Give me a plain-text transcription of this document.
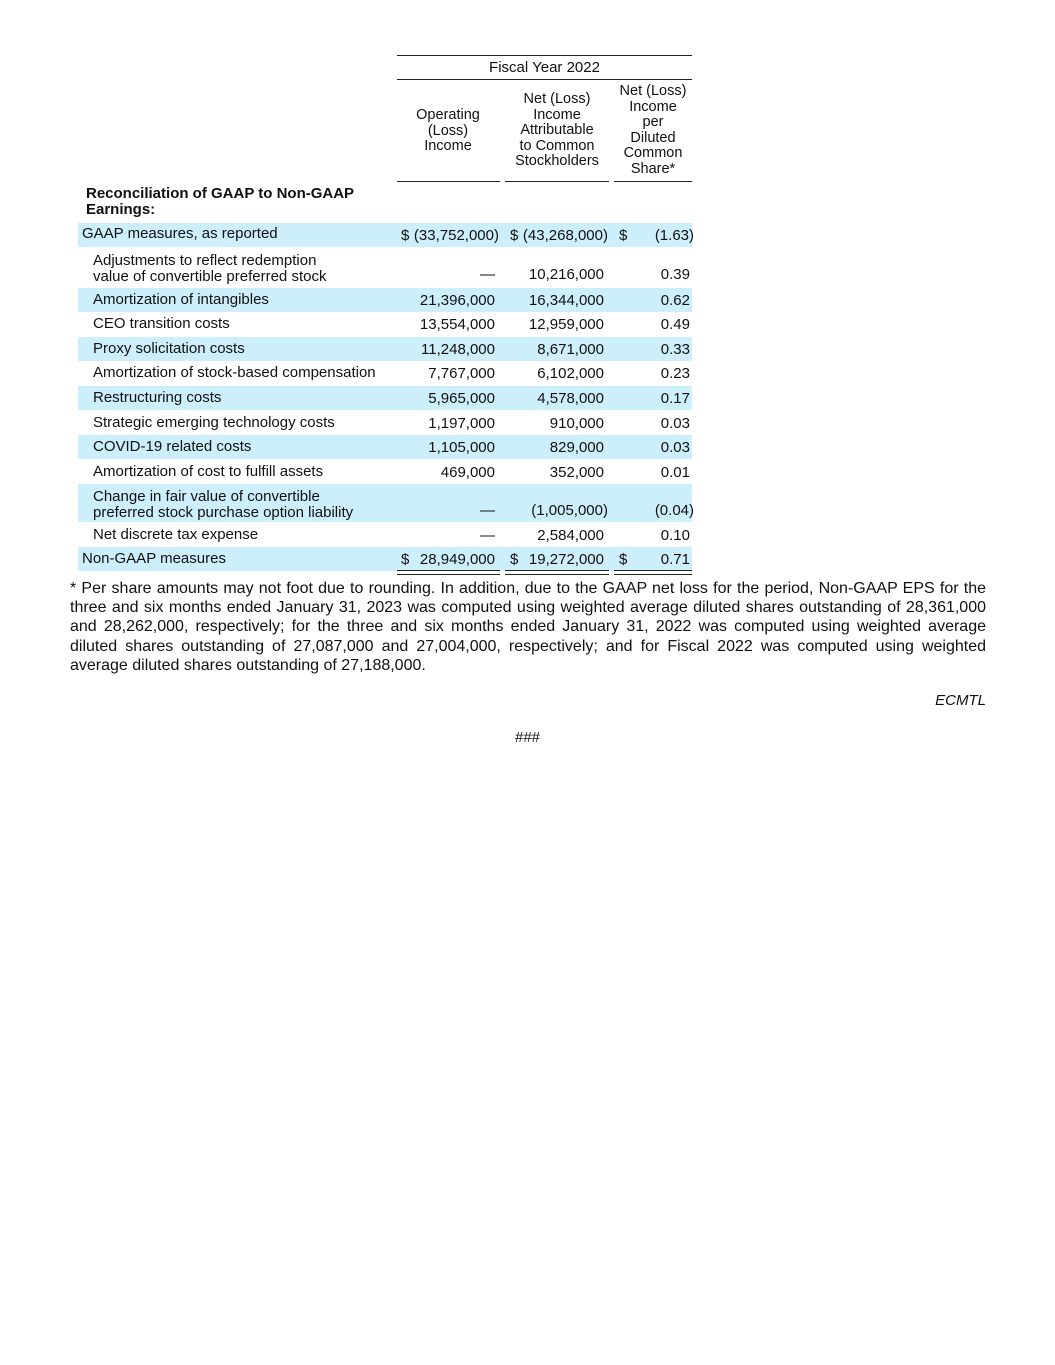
Fiscal Year 2022
Operating
(Loss)
Income
Net (Loss)
Income
Attributable
to Common
Stockholders
Net (Loss)
Income
per
Diluted
Common
Share*
Reconciliation of GAAP to Non-GAAP
Earnings:
GAAP measures, as reported	$ (33,752,000) $ (43,268,000) $ (1.63)
Adjustments to reflect redemption
value of convertible preferred stock	— 10,216,000	0.39
Amortization of intangibles	21,396,000 16,344,000	0.62
CEO transition costs	13,554,000 12,959,000	0.49
Proxy solicitation costs	11,248,000	8,671,000	0.33
Amortization of stock-based compensation	7,767,000	6,102,000	0.23
Restructuring costs	5,965,000	4,578,000	0.17
Strategic emerging technology costs	1,197,000	910,000	0.03
COVID-19 related costs	1,105,000	829,000	0.03
Amortization of cost to fulfill assets	469,000	352,000	0.01
Change in fair value of convertible
preferred stock purchase option liability	— (1,005,000)	(0.04)
Net discrete tax expense	—	2,584,000	0.10
Non-GAAP measures	$ 28,949,000 $ 19,272,000 $ 0.71
* Per share amounts may not foot due to rounding. In addition, due to the GAAP net loss for the period, Non-GAAP EPS for the three and six months ended January 31, 2023 was computed using weighted average diluted shares outstanding of 28,361,000 and 28,262,000, respectively; for the three and six months ended January 31, 2022 was computed using weighted average diluted shares outstanding of 27,087,000 and 27,004,000, respectively; and for Fiscal 2022 was computed using weighted average diluted shares outstanding of 27,188,000.
ECMTL
###
